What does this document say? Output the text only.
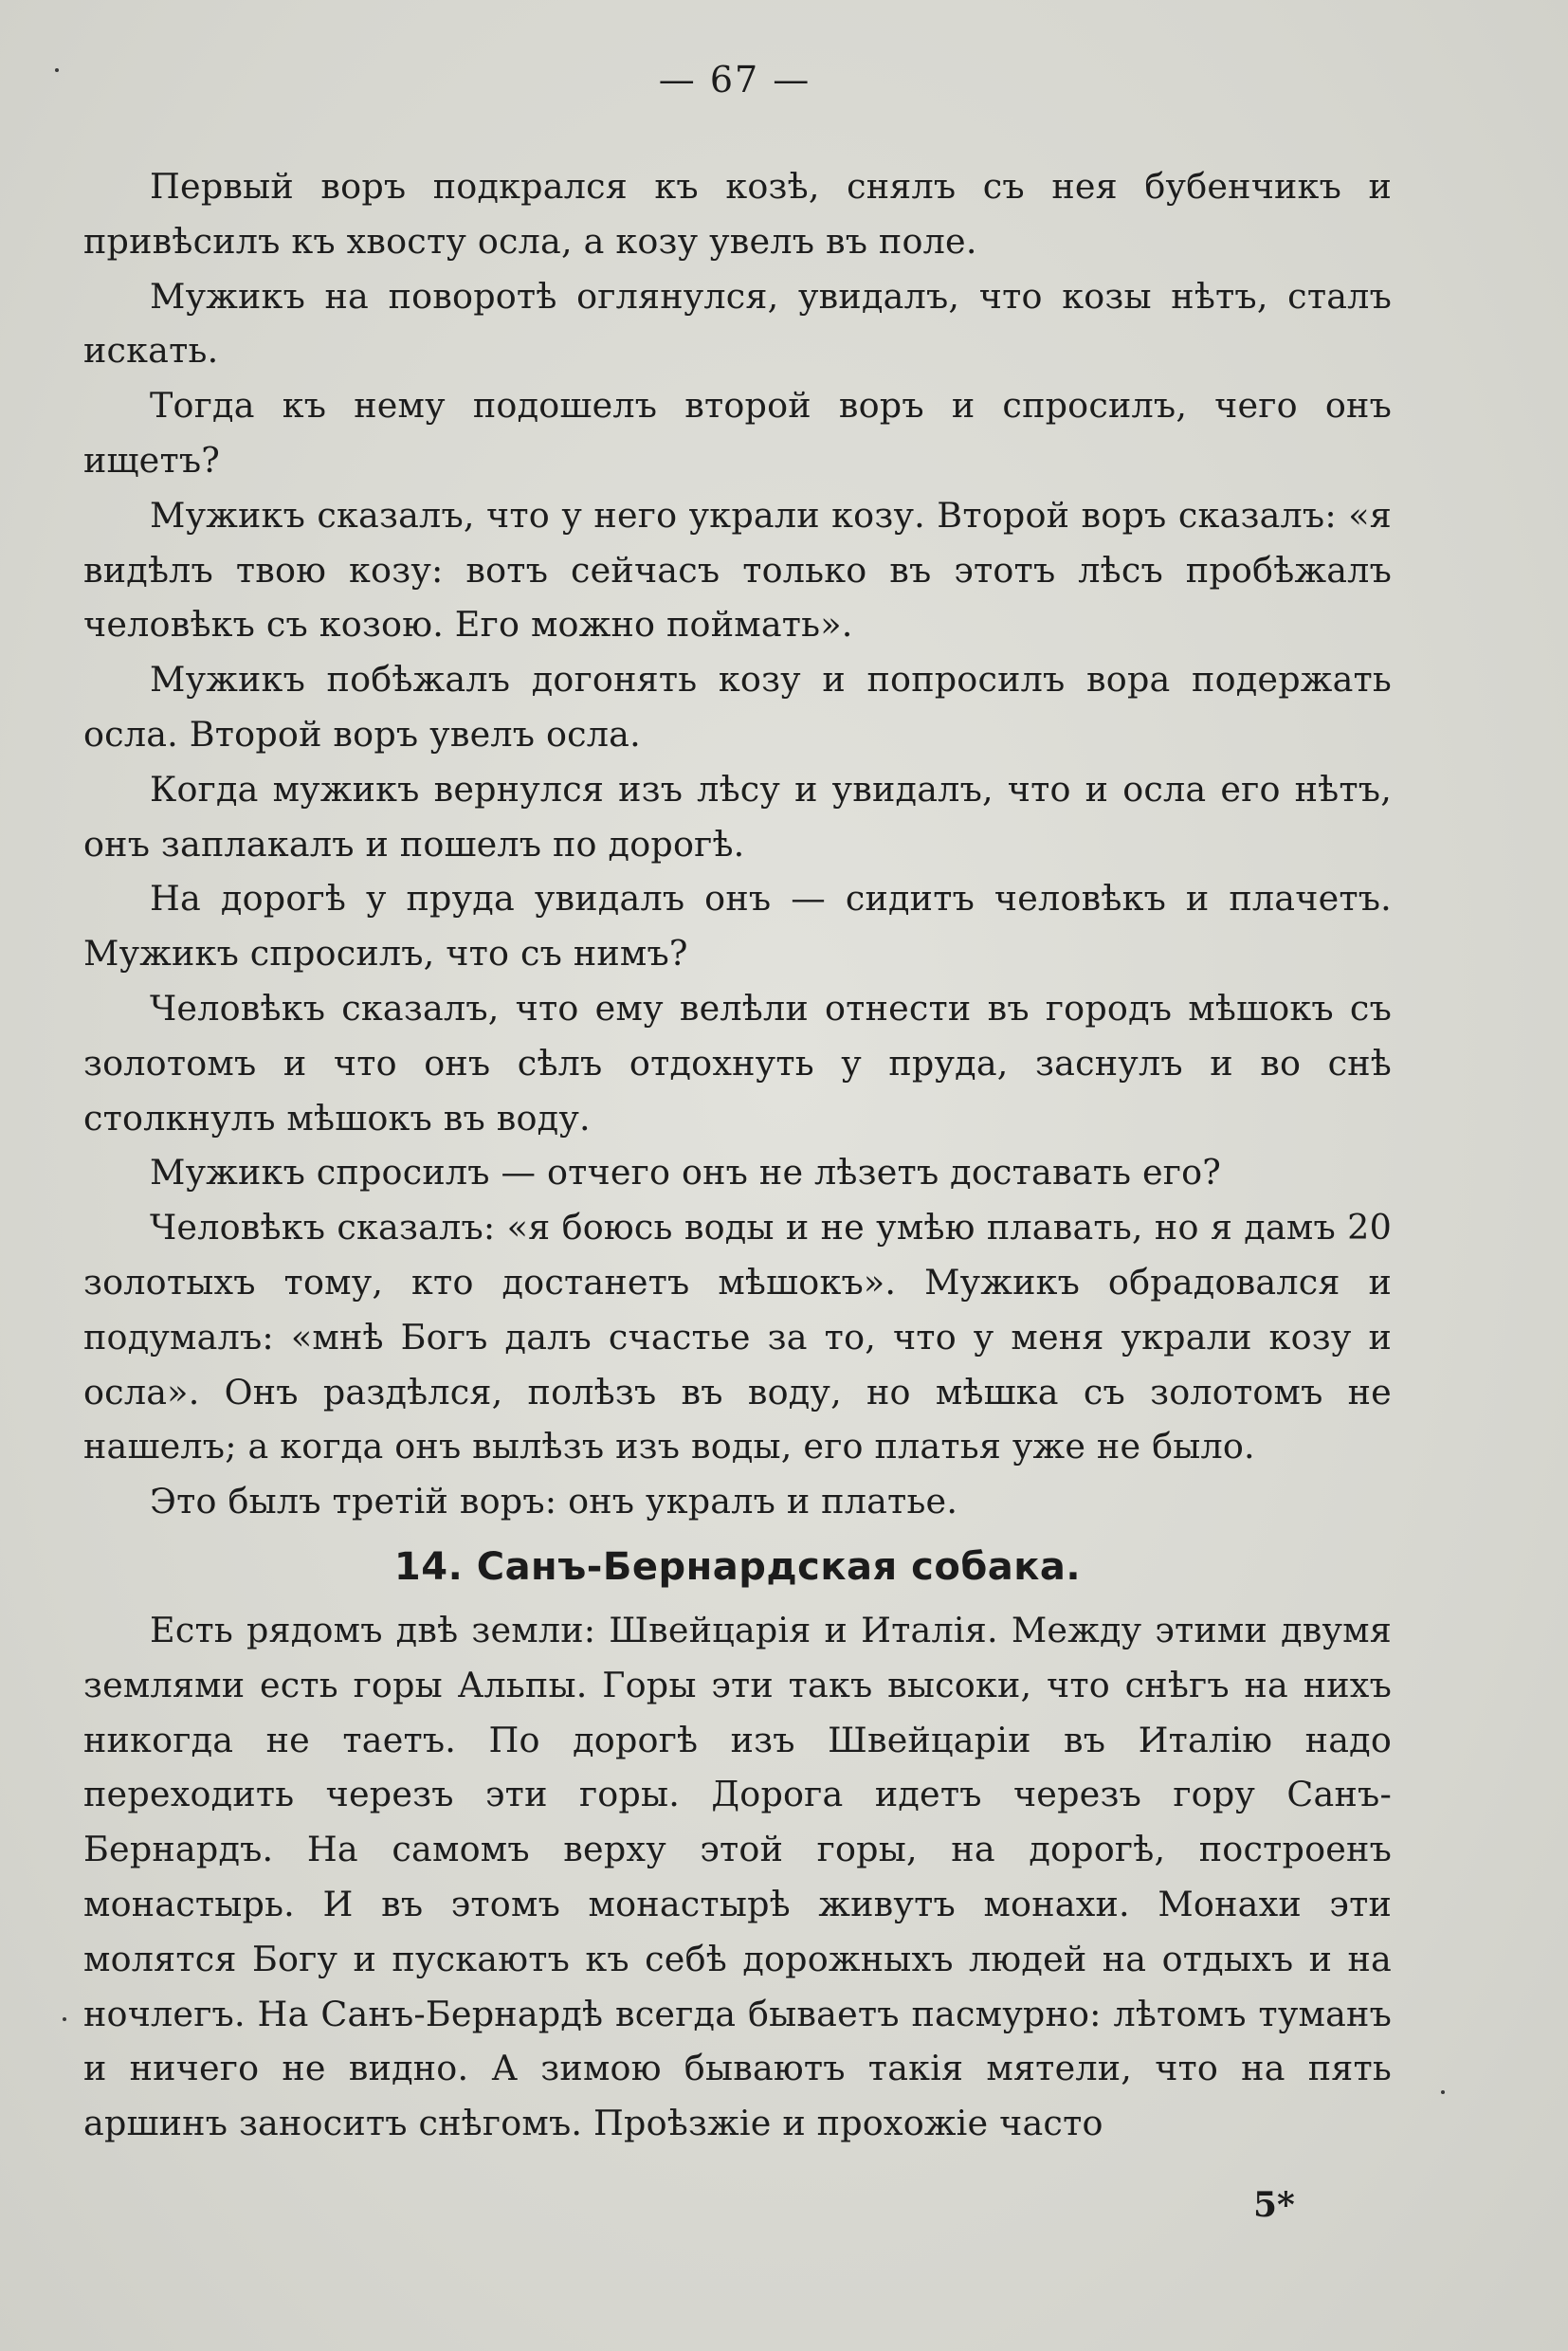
— 67 —

Первый воръ подкрался къ козѣ, снялъ съ нея бубенчикъ и привѣсилъ къ хвосту осла, а козу увелъ въ поле.

Мужикъ на поворотѣ оглянулся, увидалъ, что козы нѣтъ, сталъ искать.

Тогда къ нему подошелъ второй воръ и спросилъ, чего онъ ищетъ?

Мужикъ сказалъ, что у него украли козу. Второй воръ сказалъ: «я видѣлъ твою козу: вотъ сейчасъ только въ этотъ лѣсъ пробѣжалъ человѣкъ съ козою. Его можно поймать».

Мужикъ побѣжалъ догонять козу и попросилъ вора подержать осла. Второй воръ увелъ осла.

Когда мужикъ вернулся изъ лѣсу и увидалъ, что и осла его нѣтъ, онъ заплакалъ и пошелъ по дорогѣ.

На дорогѣ у пруда увидалъ онъ — сидитъ человѣкъ и плачетъ. Мужикъ спросилъ, что съ нимъ?

Человѣкъ сказалъ, что ему велѣли отнести въ городъ мѣшокъ съ золотомъ и что онъ сѣлъ отдохнуть у пруда, заснулъ и во снѣ столкнулъ мѣшокъ въ воду.

Мужикъ спросилъ — отчего онъ не лѣзетъ доставать его?

Человѣкъ сказалъ: «я боюсь воды и не умѣю плавать, но я дамъ 20 золотыхъ тому, кто достанетъ мѣшокъ». Мужикъ обрадовался и подумалъ: «мнѣ Богъ далъ счастье за то, что у меня украли козу и осла». Онъ раздѣлся, полѣзъ въ воду, но мѣшка съ золотомъ не нашелъ; а когда онъ вылѣзъ изъ воды, его платья уже не было.

Это былъ третій воръ: онъ укралъ и платье.

14. Санъ-Бернардская собака.

Есть рядомъ двѣ земли: Швейцарія и Италія. Между этими двумя землями есть горы Альпы. Горы эти такъ высоки, что снѣгъ на нихъ никогда не таетъ. По дорогѣ изъ Швейцаріи въ Италію надо переходить черезъ эти горы. Дорога идетъ черезъ гору Санъ-Бернардъ. На самомъ верху этой горы, на дорогѣ, построенъ монастырь. И въ этомъ монастырѣ живутъ монахи. Монахи эти молятся Богу и пускаютъ къ себѣ дорожныхъ людей на отдыхъ и на ночлегъ. На Санъ-Бернардѣ всегда бываетъ пасмурно: лѣтомъ туманъ и ничего не видно. А зимою бываютъ такія мятели, что на пять аршинъ заноситъ снѣгомъ. Проѣзжіе и прохожіе часто

5*
